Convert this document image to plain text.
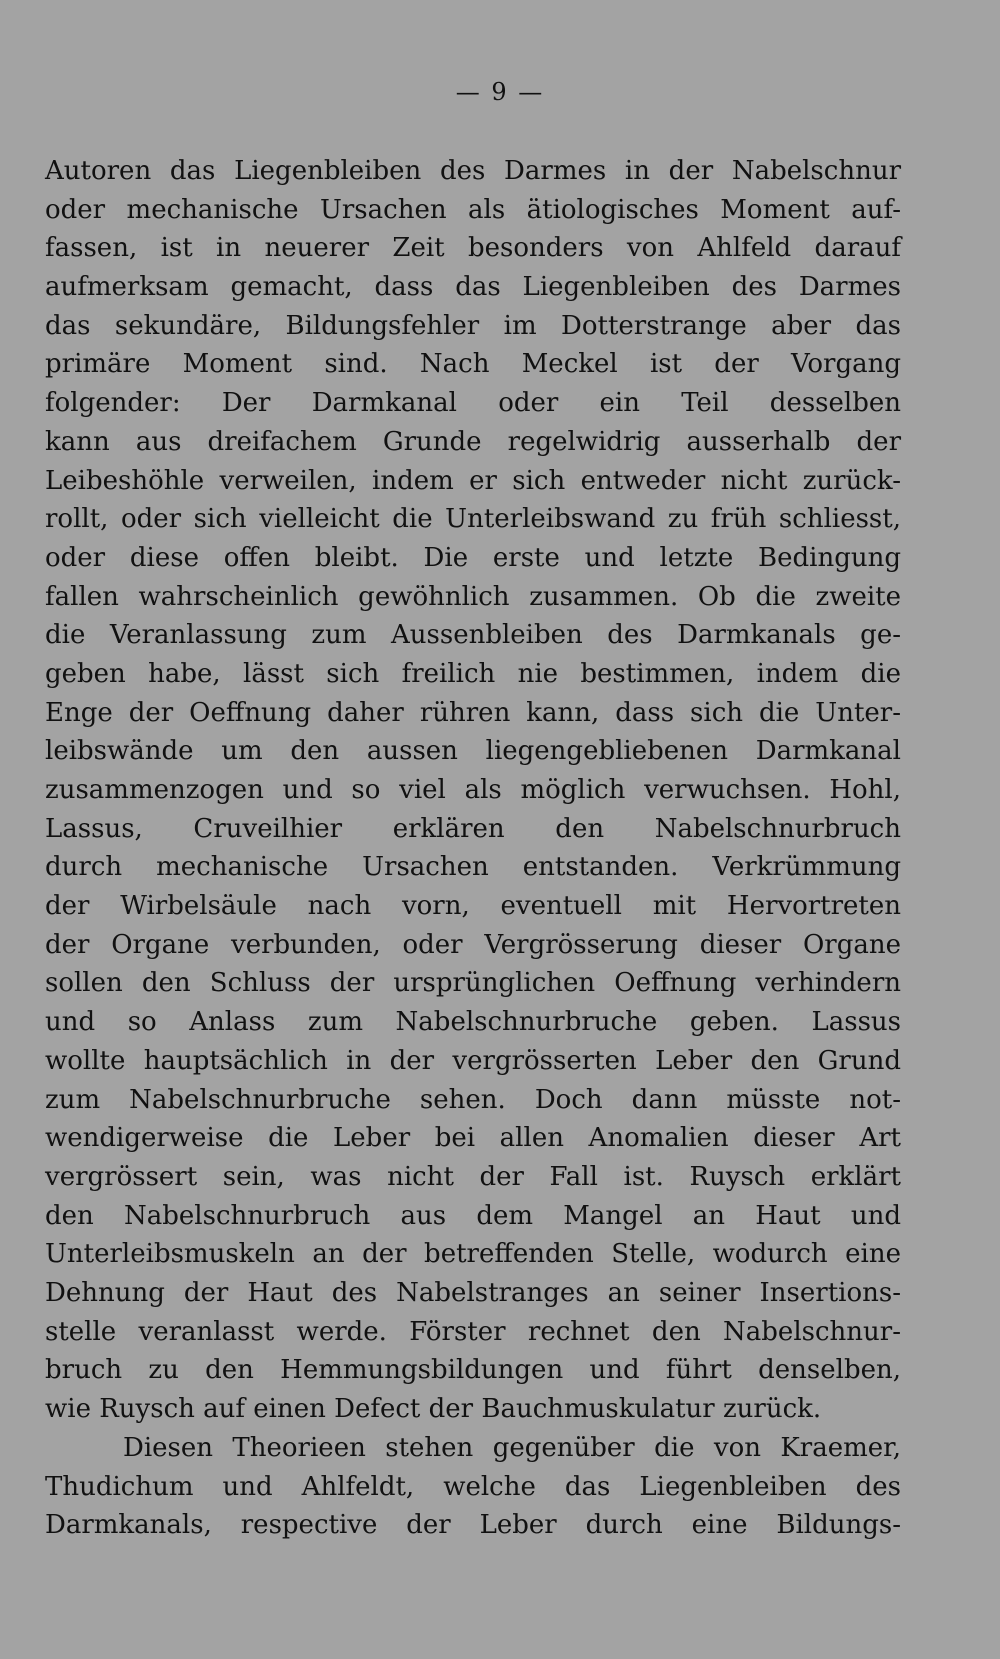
— 9 —
Autoren das Liegenbleiben des Darmes in der Nabelschnur
oder mechanische Ursachen als ätiologisches Moment auf-
fassen, ist in neuerer Zeit besonders von Ahlfeld darauf
aufmerksam gemacht, dass das Liegenbleiben des Darmes
das sekundäre, Bildungsfehler im Dotterstrange aber das
primäre Moment sind. Nach Meckel ist der Vorgang
folgender: Der Darmkanal oder ein Teil desselben
kann aus dreifachem Grunde regelwidrig ausserhalb der
Leibeshöhle verweilen, indem er sich entweder nicht zurück-
rollt, oder sich vielleicht die Unterleibswand zu früh schliesst,
oder diese offen bleibt. Die erste und letzte Bedingung
fallen wahrscheinlich gewöhnlich zusammen. Ob die zweite
die Veranlassung zum Aussenbleiben des Darmkanals ge-
geben habe, lässt sich freilich nie bestimmen, indem die
Enge der Oeffnung daher rühren kann, dass sich die Unter-
leibswände um den aussen liegengebliebenen Darmkanal
zusammenzogen und so viel als möglich verwuchsen. Hohl,
Lassus, Cruveilhier erklären den Nabelschnurbruch
durch mechanische Ursachen entstanden. Verkrümmung
der Wirbelsäule nach vorn, eventuell mit Hervortreten
der Organe verbunden, oder Vergrösserung dieser Organe
sollen den Schluss der ursprünglichen Oeffnung verhindern
und so Anlass zum Nabelschnurbruche geben. Lassus
wollte hauptsächlich in der vergrösserten Leber den Grund
zum Nabelschnurbruche sehen. Doch dann müsste not-
wendigerweise die Leber bei allen Anomalien dieser Art
vergrössert sein, was nicht der Fall ist. Ruysch erklärt
den Nabelschnurbruch aus dem Mangel an Haut und
Unterleibsmuskeln an der betreffenden Stelle, wodurch eine
Dehnung der Haut des Nabelstranges an seiner Insertions-
stelle veranlasst werde. Förster rechnet den Nabelschnur-
bruch zu den Hemmungsbildungen und führt denselben,
wie Ruysch auf einen Defect der Bauchmuskulatur zurück.
Diesen Theorieen stehen gegenüber die von Kraemer,
Thudichum und Ahlfeldt, welche das Liegenbleiben des
Darmkanals, respective der Leber durch eine Bildungs-
